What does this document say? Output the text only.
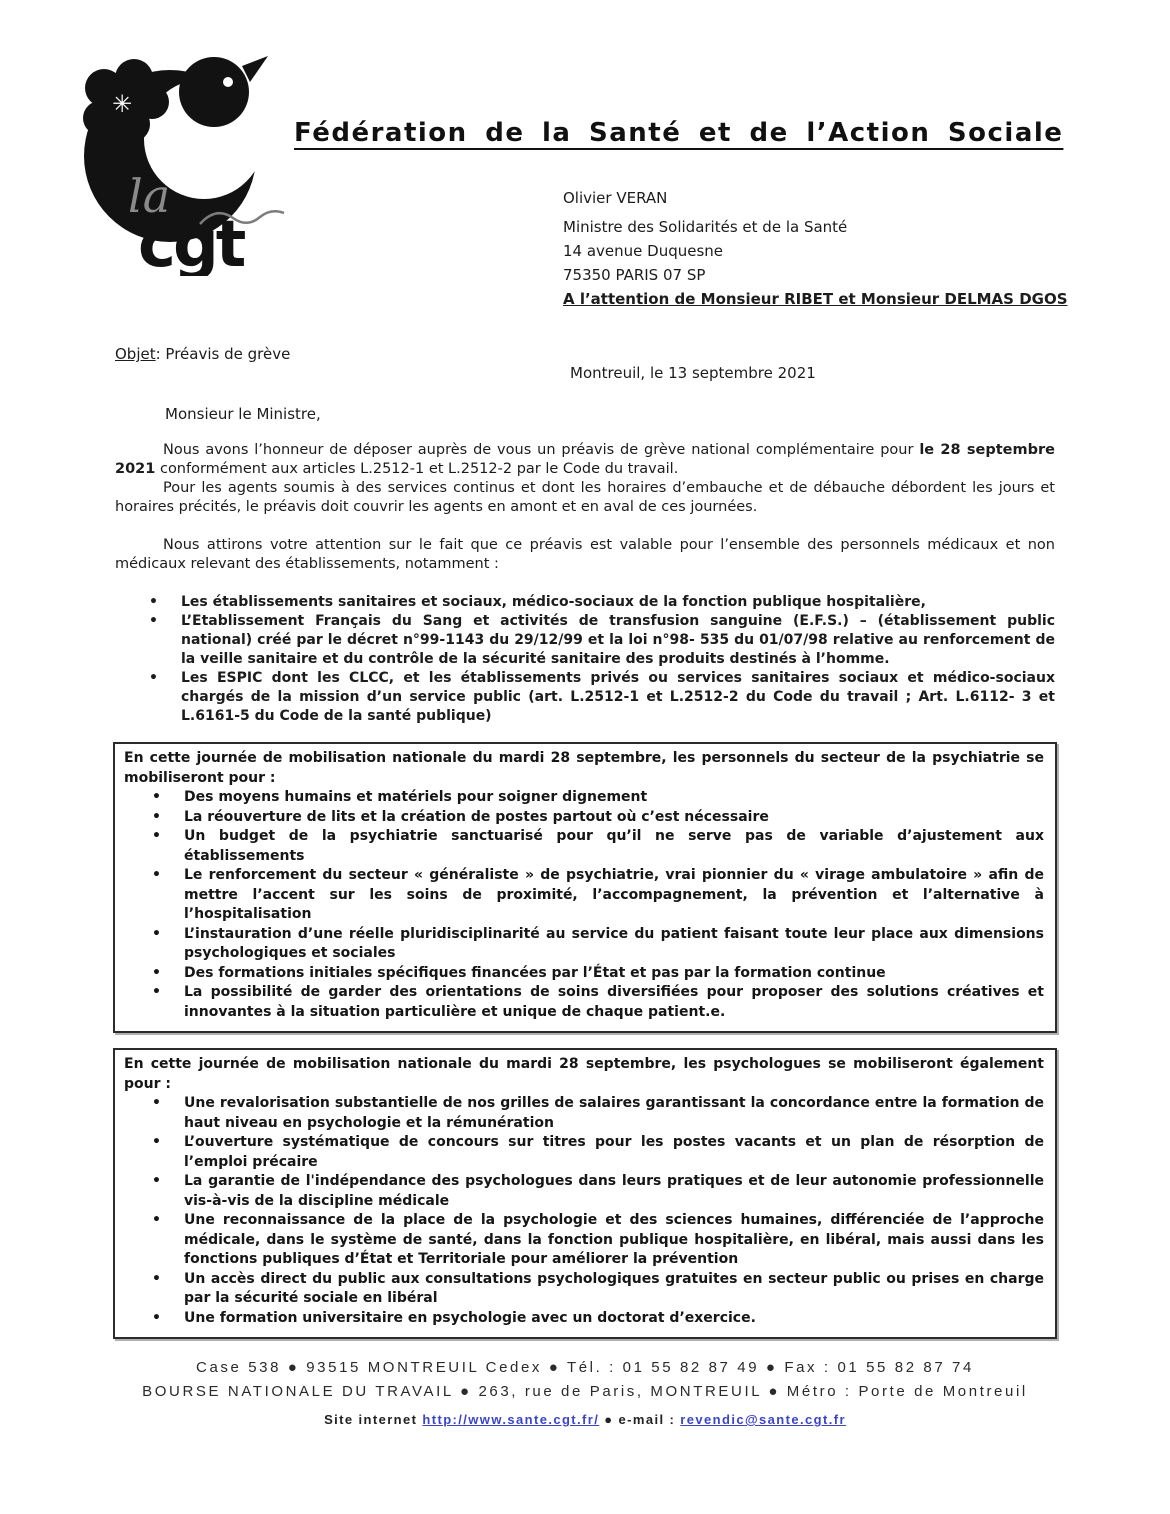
✳
la
cgt
Fédération de la Santé et de l’Action Sociale

Olivier VERAN

Ministre des Solidarités et de la Santé

14 avenue Duquesne

75350 PARIS 07 SP

A l’attention de Monsieur RIBET et Monsieur DELMAS DGOS

Objet: Préavis de grève

Montreuil, le 13 septembre 2021

Monsieur le Ministre,

Nous avons l’honneur de déposer auprès de vous un préavis de grève national complémentaire pour le 28 septembre 2021 conformément aux articles L.2512-1 et L.2512-2 par le Code du travail.

Pour les agents soumis à des services continus et dont les horaires d’embauche et de débauche débordent les jours et horaires précités, le préavis doit couvrir les agents en amont et en aval de ces journées.

Nous attirons votre attention sur le fait que ce préavis est valable pour l’ensemble des personnels médicaux et non médicaux relevant des établissements, notamment :

• Les établissements sanitaires et sociaux, médico-sociaux de la fonction publique hospitalière,
• L’Etablissement Français du Sang et activités de transfusion sanguine (E.F.S.) – (établissement public national) créé par le décret n°99-1143 du 29/12/99 et la loi n°98- 535 du 01/07/98 relative au renforcement de la veille sanitaire et du contrôle de la sécurité sanitaire des produits destinés à l’homme.
• Les ESPIC dont les CLCC, et les établissements privés ou services sanitaires sociaux et médico-sociaux chargés de la mission d’un service public (art. L.2512-1 et L.2512-2 du Code du travail ; Art. L.6112- 3 et L.6161-5 du Code de la santé publique)

En cette journée de mobilisation nationale du mardi 28 septembre, les personnels du secteur de la psychiatrie se mobiliseront pour :

• Des moyens humains et matériels pour soigner dignement
• La réouverture de lits et la création de postes partout où c’est nécessaire
• Un budget de la psychiatrie sanctuarisé pour qu’il ne serve pas de variable d’ajustement aux établissements
• Le renforcement du secteur « généraliste » de psychiatrie, vrai pionnier du « virage ambulatoire » afin de mettre l’accent sur les soins de proximité, l’accompagnement, la prévention et l’alternative à l’hospitalisation
• L’instauration d’une réelle pluridisciplinarité au service du patient faisant toute leur place aux dimensions psychologiques et sociales
• Des formations initiales spécifiques financées par l’État et pas par la formation continue
• La possibilité de garder des orientations de soins diversifiées pour proposer des solutions créatives et innovantes à la situation particulière et unique de chaque patient.e.

En cette journée de mobilisation nationale du mardi 28 septembre, les psychologues se mobiliseront également pour :

• Une revalorisation substantielle de nos grilles de salaires garantissant la concordance entre la formation de haut niveau en psychologie et la rémunération
• L’ouverture systématique de concours sur titres pour les postes vacants et un plan de résorption de l’emploi précaire
• La garantie de l'indépendance des psychologues dans leurs pratiques et de leur autonomie professionnelle vis-à-vis de la discipline médicale
• Une reconnaissance de la place de la psychologie et des sciences humaines, différenciée de l’approche médicale, dans le système de santé, dans la fonction publique hospitalière, en libéral, mais aussi dans les fonctions publiques d’État et Territoriale pour améliorer la prévention
• Un accès direct du public aux consultations psychologiques gratuites en secteur public ou prises en charge par la sécurité sociale en libéral
• Une formation universitaire en psychologie avec un doctorat d’exercice.
Case 538 ● 93515 MONTREUIL Cedex ● Tél. : 01 55 82 87 49 ● Fax : 01 55 82 87 74
BOURSE NATIONALE DU TRAVAIL ● 263, rue de Paris, MONTREUIL ● Métro : Porte de Montreuil
Site internet http://www.sante.cgt.fr/ ● e-mail : revendic@sante.cgt.fr
